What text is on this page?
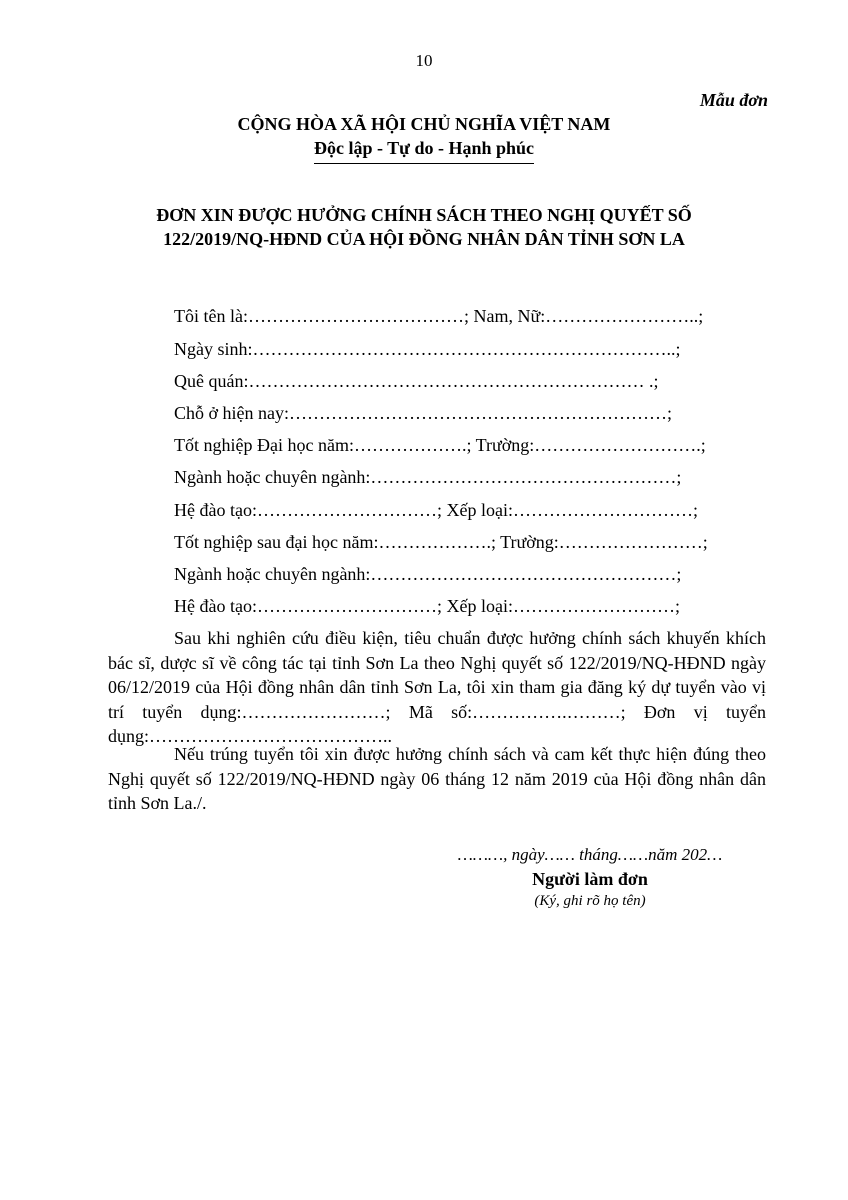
10
Mẫu đơn
CỘNG HÒA XÃ HỘI CHỦ NGHĨA VIỆT NAM
Độc lập - Tự do - Hạnh phúc
ĐƠN XIN ĐƯỢC HƯỞNG CHÍNH SÁCH THEO NGHỊ QUYẾT SỐ
122/2019/NQ-HĐND CỦA HỘI ĐỒNG NHÂN DÂN TỈNH SƠN LA
Tôi tên là:………………………………; Nam, Nữ:……………………..;
Ngày sinh:……………………………………………………………..;
Quê quán:………………………………………………………… .;
Chỗ ở hiện nay:………………………………………………………;
Tốt nghiệp Đại học năm:……………….; Trường:……………………….;
Ngành hoặc chuyên ngành:……………………………………………;
Hệ đào tạo:…………………………; Xếp loại:…………………………;
Tốt nghiệp sau đại học năm:……………….; Trường:……………………;
Ngành hoặc chuyên ngành:……………………………………………;
Hệ đào tạo:…………………………; Xếp loại:………………………;
Sau khi nghiên cứu điều kiện, tiêu chuẩn được hưởng chính sách khuyến khích bác sĩ, dược sĩ về công tác tại tỉnh Sơn La theo Nghị quyết số 122/2019/NQ-HĐND ngày 06/12/2019 của Hội đồng nhân dân tỉnh Sơn La, tôi xin tham gia đăng ký dự tuyển vào vị trí tuyển dụng:……………………; Mã số:…………….………; Đơn vị tuyển dụng:…………………………………..
Nếu trúng tuyển tôi xin được hưởng chính sách và cam kết thực hiện đúng theo Nghị quyết số 122/2019/NQ-HĐND ngày 06 tháng 12 năm 2019 của Hội đồng nhân dân tỉnh Sơn La./.
………, ngày…… tháng……năm 202…
Người làm đơn
(Ký, ghi rõ họ tên)
